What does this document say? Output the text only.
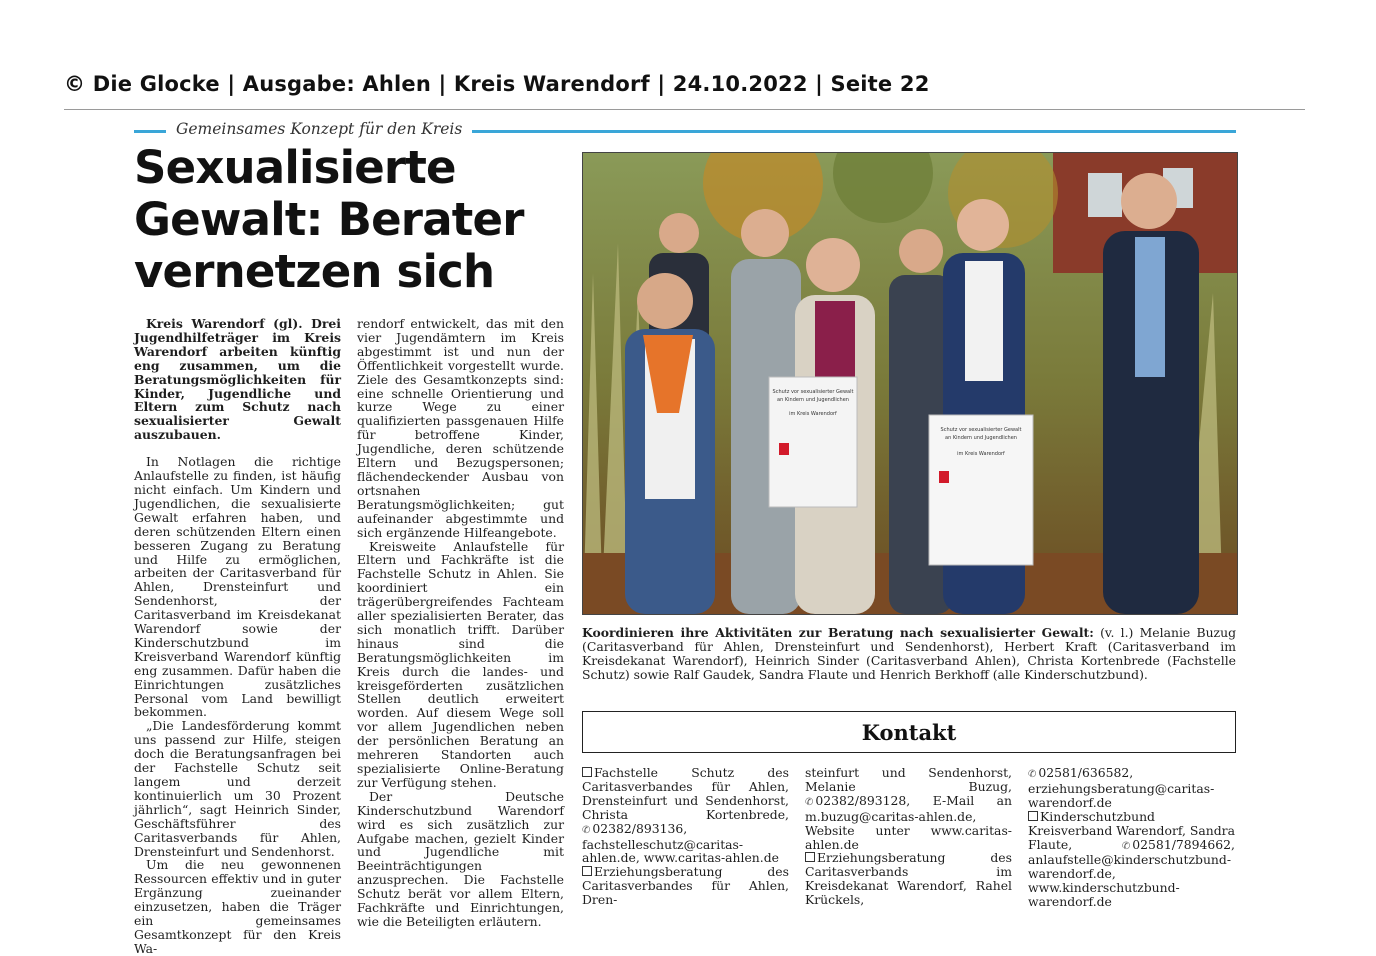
© Die Glocke | Ausgabe: Ahlen | Kreis Warendorf | 24.10.2022 | Seite 22
Gemeinsames Konzept für den Kreis
Sexualisierte
Gewalt: Berater
vernetzen sich

Kreis Warendorf (gl). Drei Jugendhilfeträger im Kreis Warendorf arbeiten künftig eng zusammen, um die Beratungsmöglichkeiten für Kinder, Jugendliche und Eltern zum Schutz nach sexualisierter Gewalt auszubauen.

In Notlagen die richtige Anlaufstelle zu finden, ist häufig nicht einfach. Um Kindern und Jugendlichen, die sexualisierte Gewalt erfahren haben, und deren schützenden Eltern einen besseren Zugang zu Beratung und Hilfe zu ermöglichen, arbeiten der Caritasverband für Ahlen, Drensteinfurt und Sendenhorst, der Caritasverband im Kreisdekanat Warendorf sowie der Kinderschutzbund im Kreisverband Warendorf künftig eng zusammen. Dafür haben die Einrichtungen zusätzliches Personal vom Land bewilligt bekommen.

„Die Landesförderung kommt uns passend zur Hilfe, steigen doch die Beratungsanfragen bei der Fachstelle Schutz seit langem und derzeit kontinuierlich um 30 Prozent jährlich“, sagt Heinrich Sinder, Geschäftsführer des Caritasverbands für Ahlen, Drensteinfurt und Sendenhorst.

Um die neu gewonnenen Ressourcen effektiv und in guter Ergänzung zueinander einzusetzen, haben die Träger ein gemeinsames Gesamtkonzept für den Kreis Wa-

rendorf entwickelt, das mit den vier Jugendämtern im Kreis abgestimmt ist und nun der Öffentlichkeit vorgestellt wurde. Ziele des Gesamtkonzepts sind: eine schnelle Orientierung und kurze Wege zu einer qualifizierten passgenauen Hilfe für betroffene Kinder, Jugendliche, deren schützende Eltern und Bezugspersonen; flächendeckender Ausbau von ortsnahen Beratungsmöglichkeiten; gut aufeinander abgestimmte und sich ergänzende Hilfeangebote.

Kreisweite Anlaufstelle für Eltern und Fachkräfte ist die Fachstelle Schutz in Ahlen. Sie koordiniert ein trägerübergreifendes Fachteam aller spezialisierten Berater, das sich monatlich trifft. Darüber hinaus sind die Beratungsmöglichkeiten im Kreis durch die landes- und kreisgeförderten zusätzlichen Stellen deutlich erweitert worden. Auf diesem Wege soll vor allem Jugendlichen neben der persönlichen Beratung an mehreren Standorten auch spezialisierte Online-Beratung zur Verfügung stehen.

Der Deutsche Kinderschutzbund Warendorf wird es sich zusätzlich zur Aufgabe machen, gezielt Kinder und Jugendliche mit Beeinträchtigungen anzusprechen. Die Fachstelle Schutz berät vor allem Eltern, Fachkräfte und Einrichtungen, wie die Beteiligten erläutern.

Schutz vor sexualisierter Gewalt
an Kindern und Jugendlichen
im Kreis Warendorf
Schutz vor sexualisierter Gewalt
an Kindern und Jugendlichen
im Kreis Warendorf
Koordinieren ihre Aktivitäten zur Beratung nach sexualisierter Gewalt: (v. l.) Melanie Buzug (Caritasverband für Ahlen, Drensteinfurt und Sendenhorst), Herbert Kraft (Caritasverband im Kreisdekanat Warendorf), Heinrich Sinder (Caritasverband Ahlen), Christa Kortenbrede (Fachstelle Schutz) sowie Ralf Gaudek, Sandra Flaute und Henrich Berkhoff (alle Kinderschutzbund).
Kontakt
Fachstelle Schutz des Caritasverbandes für Ahlen, Drensteinfurt und Sendenhorst, Christa Kortenbrede, ✆ 02382/893136, fachstelleschutz@caritas-ahlen.de, www.caritas-ahlen.de
Erziehungsberatung des Caritasverbandes für Ahlen, Dren-
steinfurt und Sendenhorst, Melanie Buzug, ✆ 02382/893128, E-Mail an m.buzug@caritas-ahlen.de, Website unter www.caritas-ahlen.de
Erziehungsberatung des Caritasverbands im Kreisdekanat Warendorf, Rahel Krückels,
✆ 02581/636582, erziehungsberatung@caritas-warendorf.de
Kinderschutzbund Kreisverband Warendorf, Sandra Flaute,	✆ 02581/7894662, anlaufstelle@kinderschutzbund-warendorf.de, www.kinderschutzbund-warendorf.de
